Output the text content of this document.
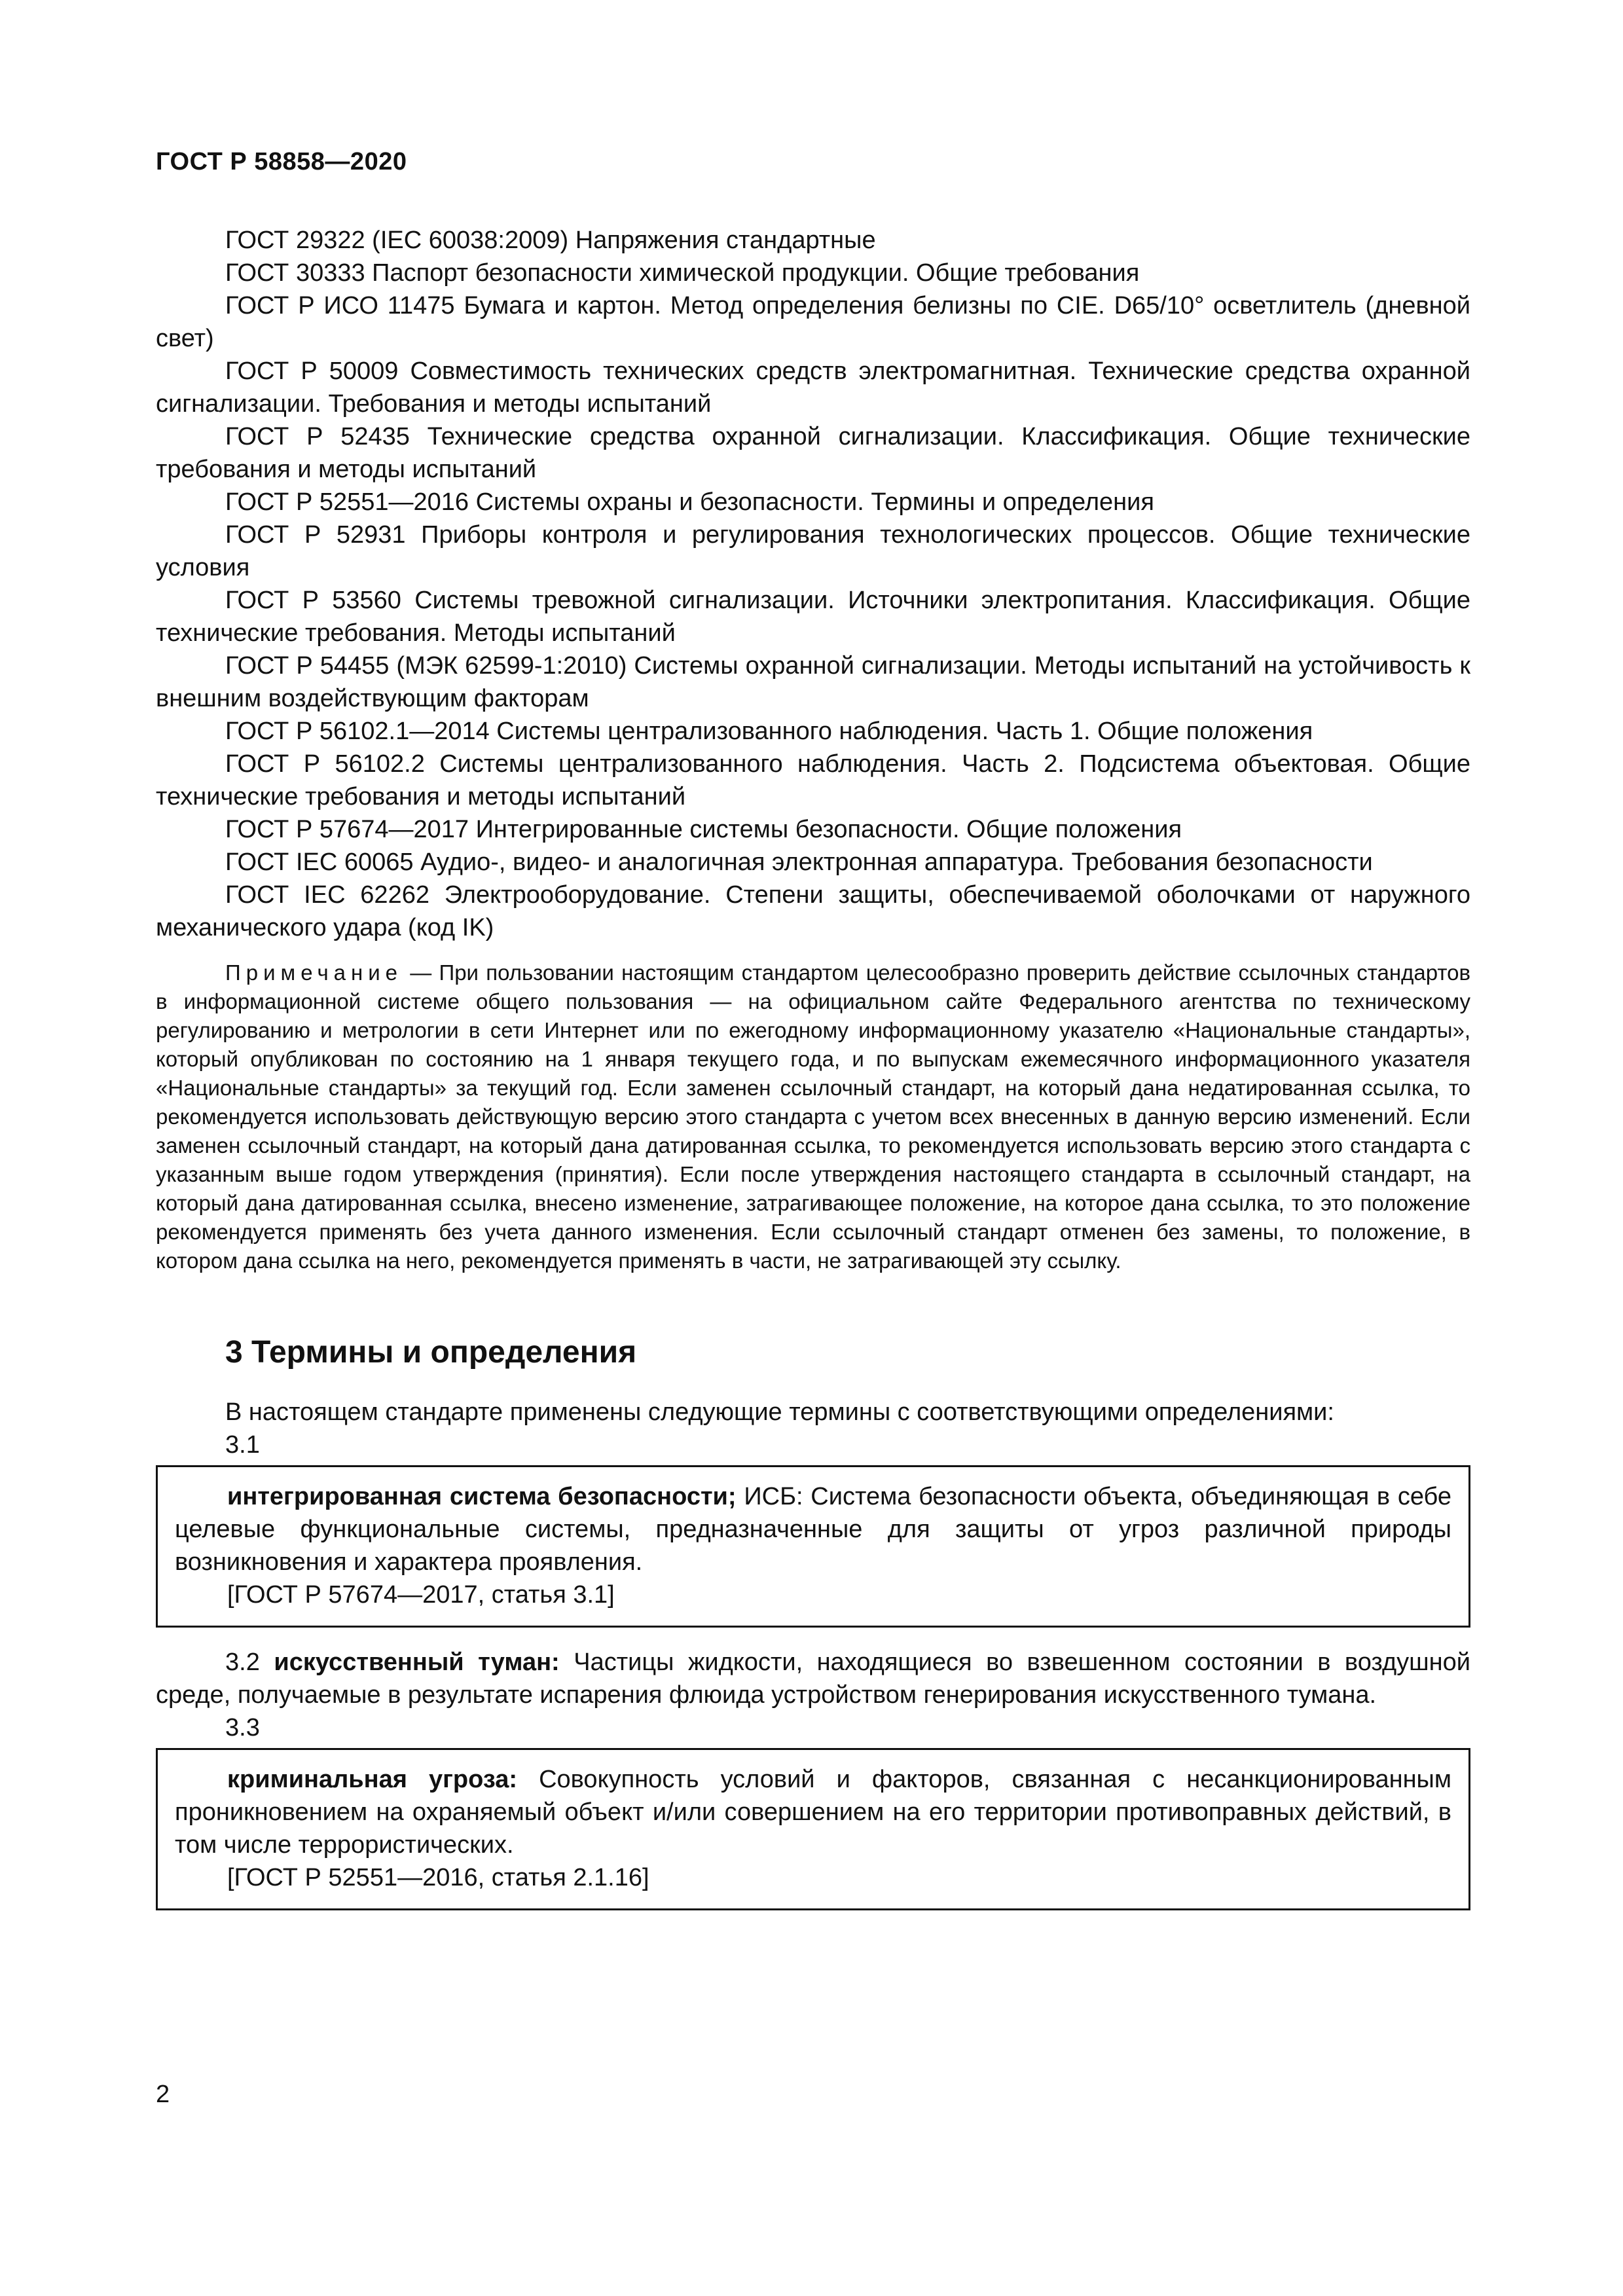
ГОСТ Р 58858—2020

ГОСТ 29322 (IEC 60038:2009) Напряжения стандартные

ГОСТ 30333 Паспорт безопасности химической продукции. Общие требования

ГОСТ Р ИСО 11475 Бумага и картон. Метод определения белизны по CIE. D65/10° осветлитель (дневной свет)

ГОСТ Р 50009 Совместимость технических средств электромагнитная. Технические средства охранной сигнализации. Требования и методы испытаний

ГОСТ Р 52435 Технические средства охранной сигнализации. Классификация. Общие технические требования и методы испытаний

ГОСТ Р 52551—2016 Системы охраны и безопасности. Термины и определения

ГОСТ Р 52931 Приборы контроля и регулирования технологических процессов. Общие технические условия

ГОСТ Р 53560 Системы тревожной сигнализации. Источники электропитания. Классификация. Общие технические требования. Методы испытаний

ГОСТ Р 54455 (МЭК 62599-1:2010) Системы охранной сигнализации. Методы испытаний на устойчивость к внешним воздействующим факторам

ГОСТ Р 56102.1—2014 Системы централизованного наблюдения. Часть 1. Общие положения

ГОСТ Р 56102.2 Системы централизованного наблюдения. Часть 2. Подсистема объектовая. Общие технические требования и методы испытаний

ГОСТ Р 57674—2017 Интегрированные системы безопасности. Общие положения

ГОСТ IEC 60065 Аудио-, видео- и аналогичная электронная аппаратура. Требования безопасности

ГОСТ IEC 62262 Электрооборудование. Степени защиты, обеспечиваемой оболочками от наружного механического удара (код IK)

Примечание — При пользовании настоящим стандартом целесообразно проверить действие ссылочных стандартов в информационной системе общего пользования — на официальном сайте Федерального агентства по техническому регулированию и метрологии в сети Интернет или по ежегодному информационному указателю «Национальные стандарты», который опубликован по состоянию на 1 января текущего года, и по выпускам ежемесячного информационного указателя «Национальные стандарты» за текущий год. Если заменен ссылочный стандарт, на который дана недатированная ссылка, то рекомендуется использовать действующую версию этого стандарта с учетом всех внесенных в данную версию изменений. Если заменен ссылочный стандарт, на который дана датированная ссылка, то рекомендуется использовать версию этого стандарта с указанным выше годом утверждения (принятия). Если после утверждения настоящего стандарта в ссылочный стандарт, на который дана датированная ссылка, внесено изменение, затрагивающее положение, на которое дана ссылка, то это положение рекомендуется применять без учета данного изменения. Если ссылочный стандарт отменен без замены, то положение, в котором дана ссылка на него, рекомендуется применять в части, не затрагивающей эту ссылку.

3 Термины и определения

В настоящем стандарте применены следующие термины с соответствующими определениями:

3.1

интегрированная система безопасности; ИСБ: Система безопасности объекта, объединяющая в себе целевые функциональные системы, предназначенные для защиты от угроз различной природы возникновения и характера проявления.

[ГОСТ Р 57674—2017, статья 3.1]

3.2 искусственный туман: Частицы жидкости, находящиеся во взвешенном состоянии в воздушной среде, получаемые в результате испарения флюида устройством генерирования искусственного тумана.

3.3

криминальная угроза: Совокупность условий и факторов, связанная с несанкционированным проникновением на охраняемый объект и/или совершением на его территории противоправных действий, в том числе террористических.

[ГОСТ Р 52551—2016, статья 2.1.16]

2
